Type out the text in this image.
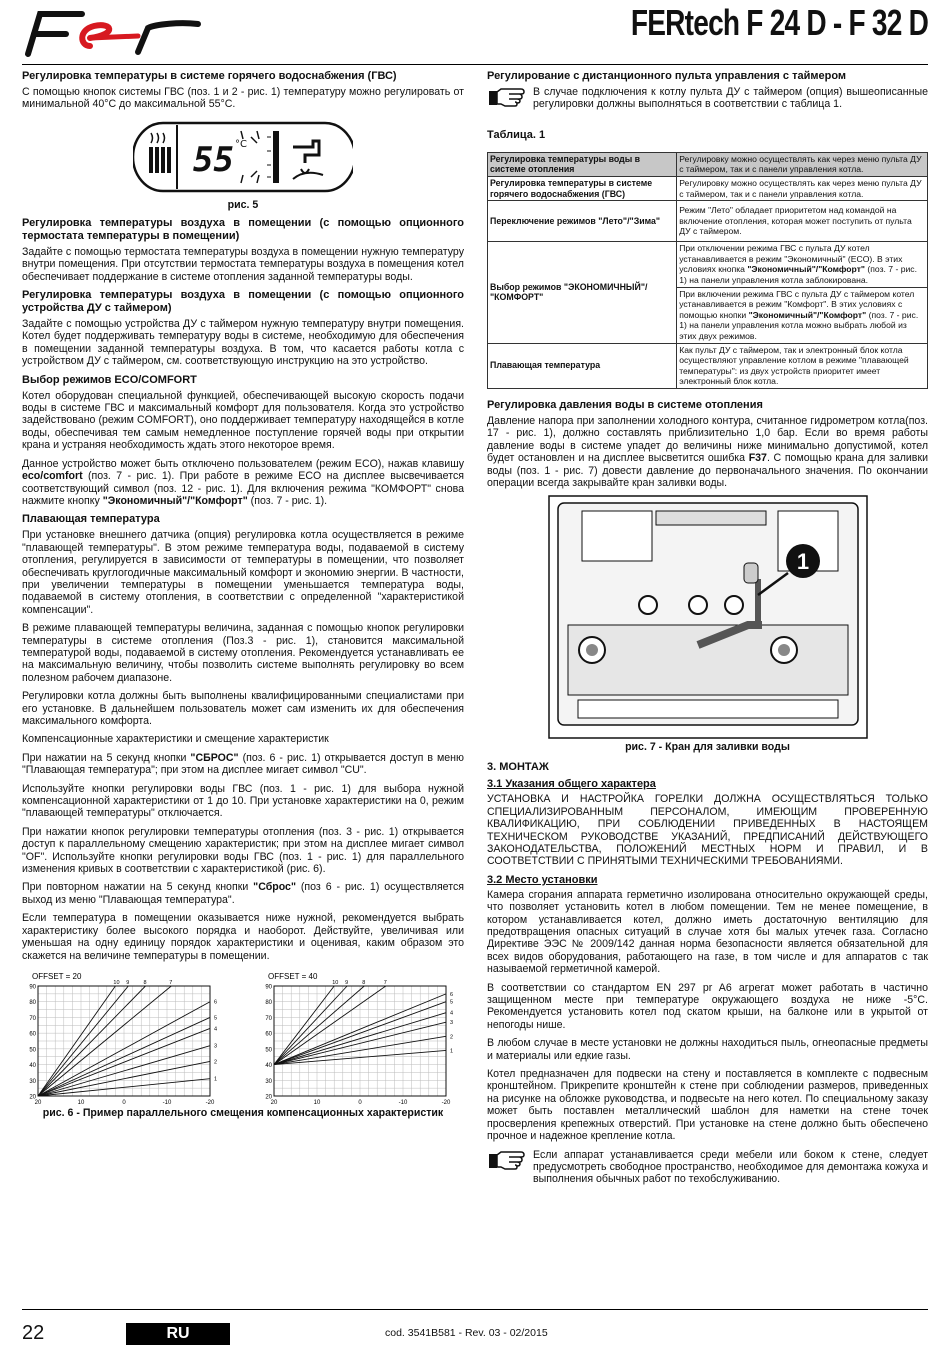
FERtech F 24 D - F 32 D
Регулировка температуры в системе горячего водоснабжения (ГВС)

С помощью кнопок системы ГВС (поз. 1 и 2 - рис. 1) температуру можно регулировать от минимальной 40°С до максимальной 55°С.

55 °C
рис. 5
Регулировка температуры воздуха в помещении (с помощью опционного термостата температуры в помещении)

Задайте с помощью термостата температуры воздуха в помещении нужную температуру внутри помещения. При отсутствии термостата температуры воздуха в помещения котел обеспечивает поддержание в системе отопления заданной температуры воды.

Регулировка температуры воздуха в помещении (с помощью опционного устройства ДУ с таймером)

Задайте с помощью устройства ДУ с таймером нужную температуру внутри помещения. Котел будет поддерживать температуру воды в системе, необходимую для обеспечения в помещении заданной температуры воздуха. В том, что касается работы котла с устройством ДУ с таймером, см. соответствующую инструкцию на это устройство.

Выбор режимов ECO/COMFORT

Котел оборудован специальной функцией, обеспечивающей высокую скорость подачи воды в системе ГВС и максимальный комфорт для пользователя. Когда это устройство задействовано (режим COMFORT), оно поддерживает температуру находящейся в котле воды, обеспечивая тем самым немедленное поступление горячей воды при открытии крана и устраняя необходимость ждать этого некоторое время.

Данное устройство может быть отключено пользователем (режим ECO), нажав клавишу eco/comfort (поз. 7 - рис. 1). При работе в режиме ECO на дисплее высвечивается соответствующий символ (поз. 12 - рис. 1). Для включения режима "КОМФОРТ" снова нажмите кнопку "Экономичный"/"Комфорт" (поз. 7 - рис. 1).

Плавающая температура

При установке внешнего датчика (опция) регулировка котла осуществляется в режиме "плавающей температуры". В этом режиме температура воды, подаваемой в систему отопления, регулируется в зависимости от температуры в помещении, что позволяет обеспечивать круглогодичные максимальный комфорт и экономию энергии. В частности, при увеличении температуры в помещении уменьшается температура воды, подаваемой в систему отопления, в соответствии с определенной "характеристикой компенсации".

В режиме плавающей температуры величина, заданная с помощью кнопок регулировки температуры в системе отопления (Поз.3 - рис. 1), становится максимальной температурой воды, подаваемой в систему отопления. Рекомендуется устанавливать ее на максимальную величину, чтобы позволить системе выполнять регулировку во всем полезном рабочем диапазоне.

Регулировки котла должны быть выполнены квалифицированными специалистами при его установке. В дальнейшем пользователь может сам изменить их для обеспечения максимального комфорта.

Компенсационные характеристики и смещение характеристик

При нажатии на 5 секунд кнопки "СБРОС" (поз. 6 - рис. 1) открывается доступ в меню "Плавающая температура"; при этом на дисплее мигает символ "CU".

Используйте кнопки регулировки воды ГВС (поз. 1 - рис. 1) для выбора нужной компенсационной характеристики от 1 до 10. При установке характеристики на 0, режим "плавающей температуры" отключается.

При нажатии кнопок регулировки температуры отопления (поз. 3 - рис. 1) открывается доступ к параллельному смещению характеристик; при этом на дисплее мигает символ "OF". Используйте кнопки регулировки воды ГВС (поз. 1 - рис. 1) для параллельного изменения кривых в соответствии с характеристикой (рис. 6).

При повторном нажатии на 5 секунд кнопки "Сброс" (поз 6 - рис. 1) осуществляется выход из меню "Плавающая температура".

Если температура в помещении оказывается ниже нужной, рекомендуется выбрать характеристику более высокого порядка и наоборот. Действуйте, увеличивая или уменьшая на одну единицу порядок характеристики и оценивая, каким образом это скажется на величине температуры в помещении.

OFFSET = 20
20
30
40
50
60
70
80
90
20	10	0	-10	-20
10 9	8	7
6
5
4
3
2
1
OFFSET = 40
20
30
40
50
60
70
80
90
20	10	0	-10	-20
10 9	8	7
6
5
4
3
2
1
рис. 6 - Пример параллельного смещения компенсационных характеристик
Регулирование с дистанционного пульта управления с таймером

В случае подключения к котлу пульта ДУ с таймером (опция) вышеописанные регулировки должны выполняться в соответствии с таблица 1.

Таблица. 1
Регулировка температуры воды в системе отопления	Регулировку можно осуществлять как через меню пульта ДУ с таймером, так и с панели управления котла.
Регулировка температуры в системе горячего водоснабжения (ГВС)	Регулировку можно осуществлять как через меню пульта ДУ с таймером, так и с панели управления котла.
Переключение режимов "Лето"/"Зима"	Режим "Лето" обладает приоритетом над командой на включение отопления, которая может поступить от пульта ДУ с таймером.
Выбор режимов "ЭКОНОМИЧНЫЙ"/ "КОМФОРТ"	При отключении режима ГВС с пульта ДУ котел устанавливается в режим "Экономичный" (ECO). В этих условиях кнопка "Экономичный"/"Комфорт" (поз. 7 - рис. 1) на панели управления котла заблокирована.
	При включении режима ГВС с пульта ДУ с таймером котел устанавливается в режим "Комфорт". В этих условиях с помощью кнопки "Экономичный"/"Комфорт" (поз. 7 - рис. 1) на панели управления котла можно выбрать любой из этих двух режимов.
Плавающая температура	Как пульт ДУ с таймером, так и электронный блок котла осуществляют управление котлом в режиме "плавающей температуры": из двух устройств приоритет имеет электронный блок котла.
Регулировка давления воды в системе отопления

Давление напора при заполнении холодного контура, считанное гидрометром котла(поз. 17 - рис. 1), должно составлять приблизительно 1,0 бар. Если во время работы давление воды в системе упадет до величины ниже минимально допустимой, котел будет остановлен и на дисплее высветится ошибка F37. С помощью крана для заливки воды (поз. 1 - рис. 7) довести давление до первоначального значения. По окончании операции всегда закрывайте кран заливки воды.

1
рис. 7 - Кран для заливки воды
3. МОНТАЖ
3.1 Указания общего характера

УСТАНОВКА И НАСТРОЙКА ГОРЕЛКИ ДОЛЖНА ОСУЩЕСТВЛЯТЬСЯ ТОЛЬКО СПЕЦИАЛИЗИРОВАННЫМ ПЕРСОНАЛОМ, ИМЕЮЩИМ ПРОВЕРЕННУЮ КВАЛИФИКАЦИЮ, ПРИ СОБЛЮДЕНИИ ПРИВЕДЕННЫХ В НАСТОЯЩЕМ ТЕХНИЧЕСКОМ РУКОВОДСТВЕ УКАЗАНИЙ, ПРЕДПИСАНИЙ ДЕЙСТВУЮЩЕГО ЗАКОНОДАТЕЛЬСТВА, ПОЛОЖЕНИЙ МЕСТНЫХ НОРМ И ПРАВИЛ, И В СООТВЕТСТВИИ С ПРИНЯТЫМИ ТЕХНИЧЕСКИМИ ТРЕБОВАНИЯМИ.

3.2 Место установки

Камера сгорания аппарата герметично изолирована относительно окружающей среды, что позволяет установить котел в любом помещении. Тем не менее помещение, в котором устанавливается котел, должно иметь достаточную вентиляцию для предотвращения опасных ситуаций в случае хотя бы малых утечек газа. Согласно Директиве ЭЭС № 2009/142 данная норма безопасности является обязательной для всех видов оборудования, работающего на газе, в том числе и для аппаратов с так называемой герметичной камерой.

В соответствии со стандартом EN 297 pr A6 агрегат может работать в частично защищенном месте при температуре окружающего воздуха не ниже -5°С. Рекомендуется установить котел под скатом крыши, на балконе или в укрытой от непогоды нише.

В любом случае в месте установки не должны находиться пыль, огнеопасные предметы и материалы или едкие газы.

Котел предназначен для подвески на стену и поставляется в комплекте с подвесным кронштейном. Прикрепите кронштейн к стене при соблюдении размеров, приведенных на рисунке на обложке руководства, и подвесьте на него котел. По специальному заказу может быть поставлен металлический шаблон для наметки на стене точек просверления крепежных отверстий. При установке на стене должно быть обеспечено прочное и надежное крепление котла.

Если аппарат устанавливается среди мебели или боком к стене, следует предусмотреть свободное пространство, необходимое для демонтажа кожуха и выполнения обычных работ по техобслуживанию.

22	RU	cod. 3541B581 - Rev. 03 - 02/2015
